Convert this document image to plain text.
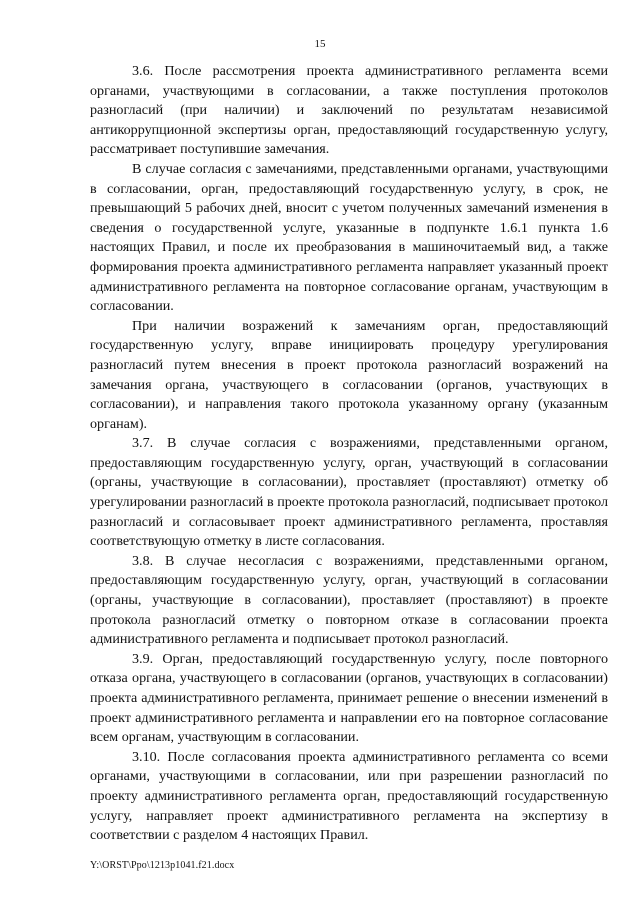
15

3.6. После рассмотрения проекта административного регламента всеми органами, участвующими в согласовании, а также поступления протоколов разногласий (при наличии) и заключений по результатам независимой антикоррупционной экспертизы орган, предоставляющий государственную услугу, рассматривает поступившие замечания.

В случае согласия с замечаниями, представленными органами, участвующими в согласовании, орган, предоставляющий государственную услугу, в срок, не превышающий 5 рабочих дней, вносит с учетом полученных замечаний изменения в сведения о государственной услуге, указанные в подпункте 1.6.1 пункта 1.6 настоящих Правил, и после их преобразования в машиночитаемый вид, а также формирования проекта административного регламента направляет указанный проект административного регламента на повторное согласование органам, участвующим в согласовании.

При наличии возражений к замечаниям орган, предоставляющий государственную услугу, вправе инициировать процедуру урегулирования разногласий путем внесения в проект протокола разногласий возражений на замечания органа, участвующего в согласовании (органов, участвующих в согласовании), и направления такого протокола указанному органу (указанным органам).

3.7. В случае согласия с возражениями, представленными органом, предоставляющим государственную услугу, орган, участвующий в согласовании (органы, участвующие в согласовании), проставляет (проставляют) отметку об урегулировании разногласий в проекте протокола разногласий, подписывает протокол разногласий и согласовывает проект административного регламента, проставляя соответствующую отметку в листе согласования.

3.8. В случае несогласия с возражениями, представленными органом, предоставляющим государственную услугу, орган, участвующий в согласовании (органы, участвующие в согласовании), проставляет (проставляют) в проекте протокола разногласий отметку о повторном отказе в согласовании проекта административного регламента и подписывает протокол разногласий.

3.9. Орган, предоставляющий государственную услугу, после повторного отказа органа, участвующего в согласовании (органов, участвующих в согласовании) проекта административного регламента, принимает решение о внесении изменений в проект административного регламента и направлении его на повторное согласование всем органам, участвующим в согласовании.

3.10. После согласования проекта административного регламента со всеми органами, участвующими в согласовании, или при разрешении разногласий по проекту административного регламента орган, предоставляющий государственную услугу, направляет проект административного регламента на экспертизу в соответствии с разделом 4 настоящих Правил.

Y:\ORST\Ppo\1213p1041.f21.docx
